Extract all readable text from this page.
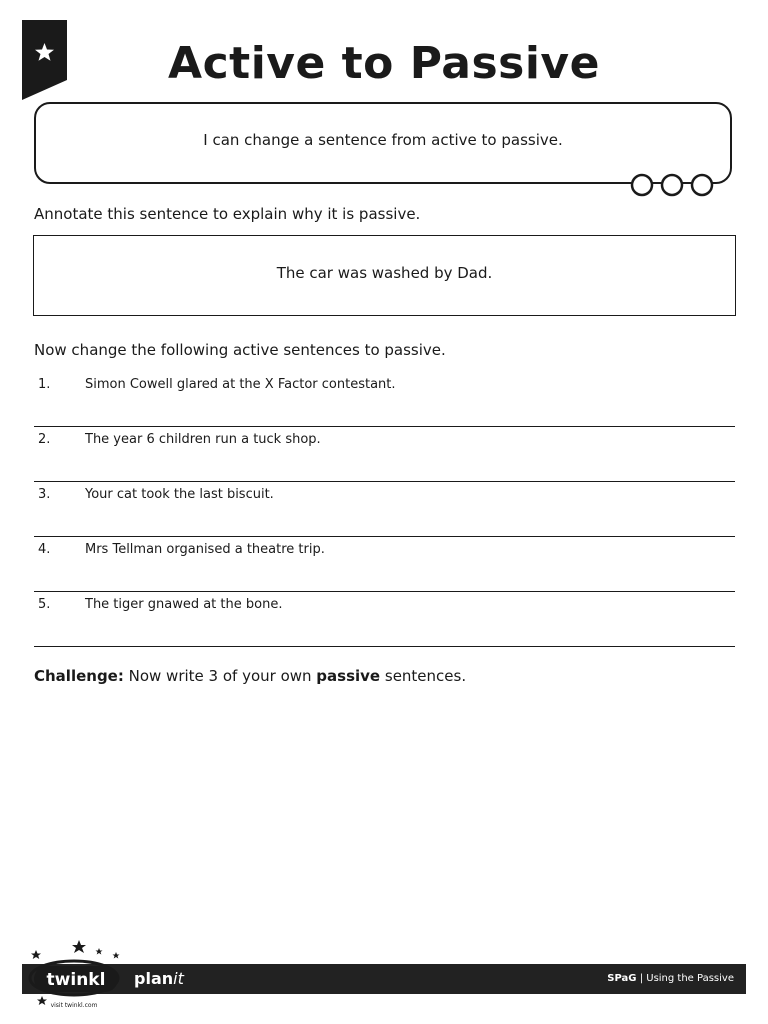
Active to Passive
I can change a sentence from active to passive.
Annotate this sentence to explain why it is passive.
The car was washed by Dad.
Now change the following active sentences to passive.
1.	Simon Cowell glared at the X Factor contestant.
2.	The year 6 children run a tuck shop.
3.	Your cat took the last biscuit.
4.	Mrs Tellman organised a theatre trip.
5.	The tiger gnawed at the bone.
Challenge: Now write 3 of your own passive sentences.
planit	SPaG | Using the Passive
twinkl
visit twinkl.com
